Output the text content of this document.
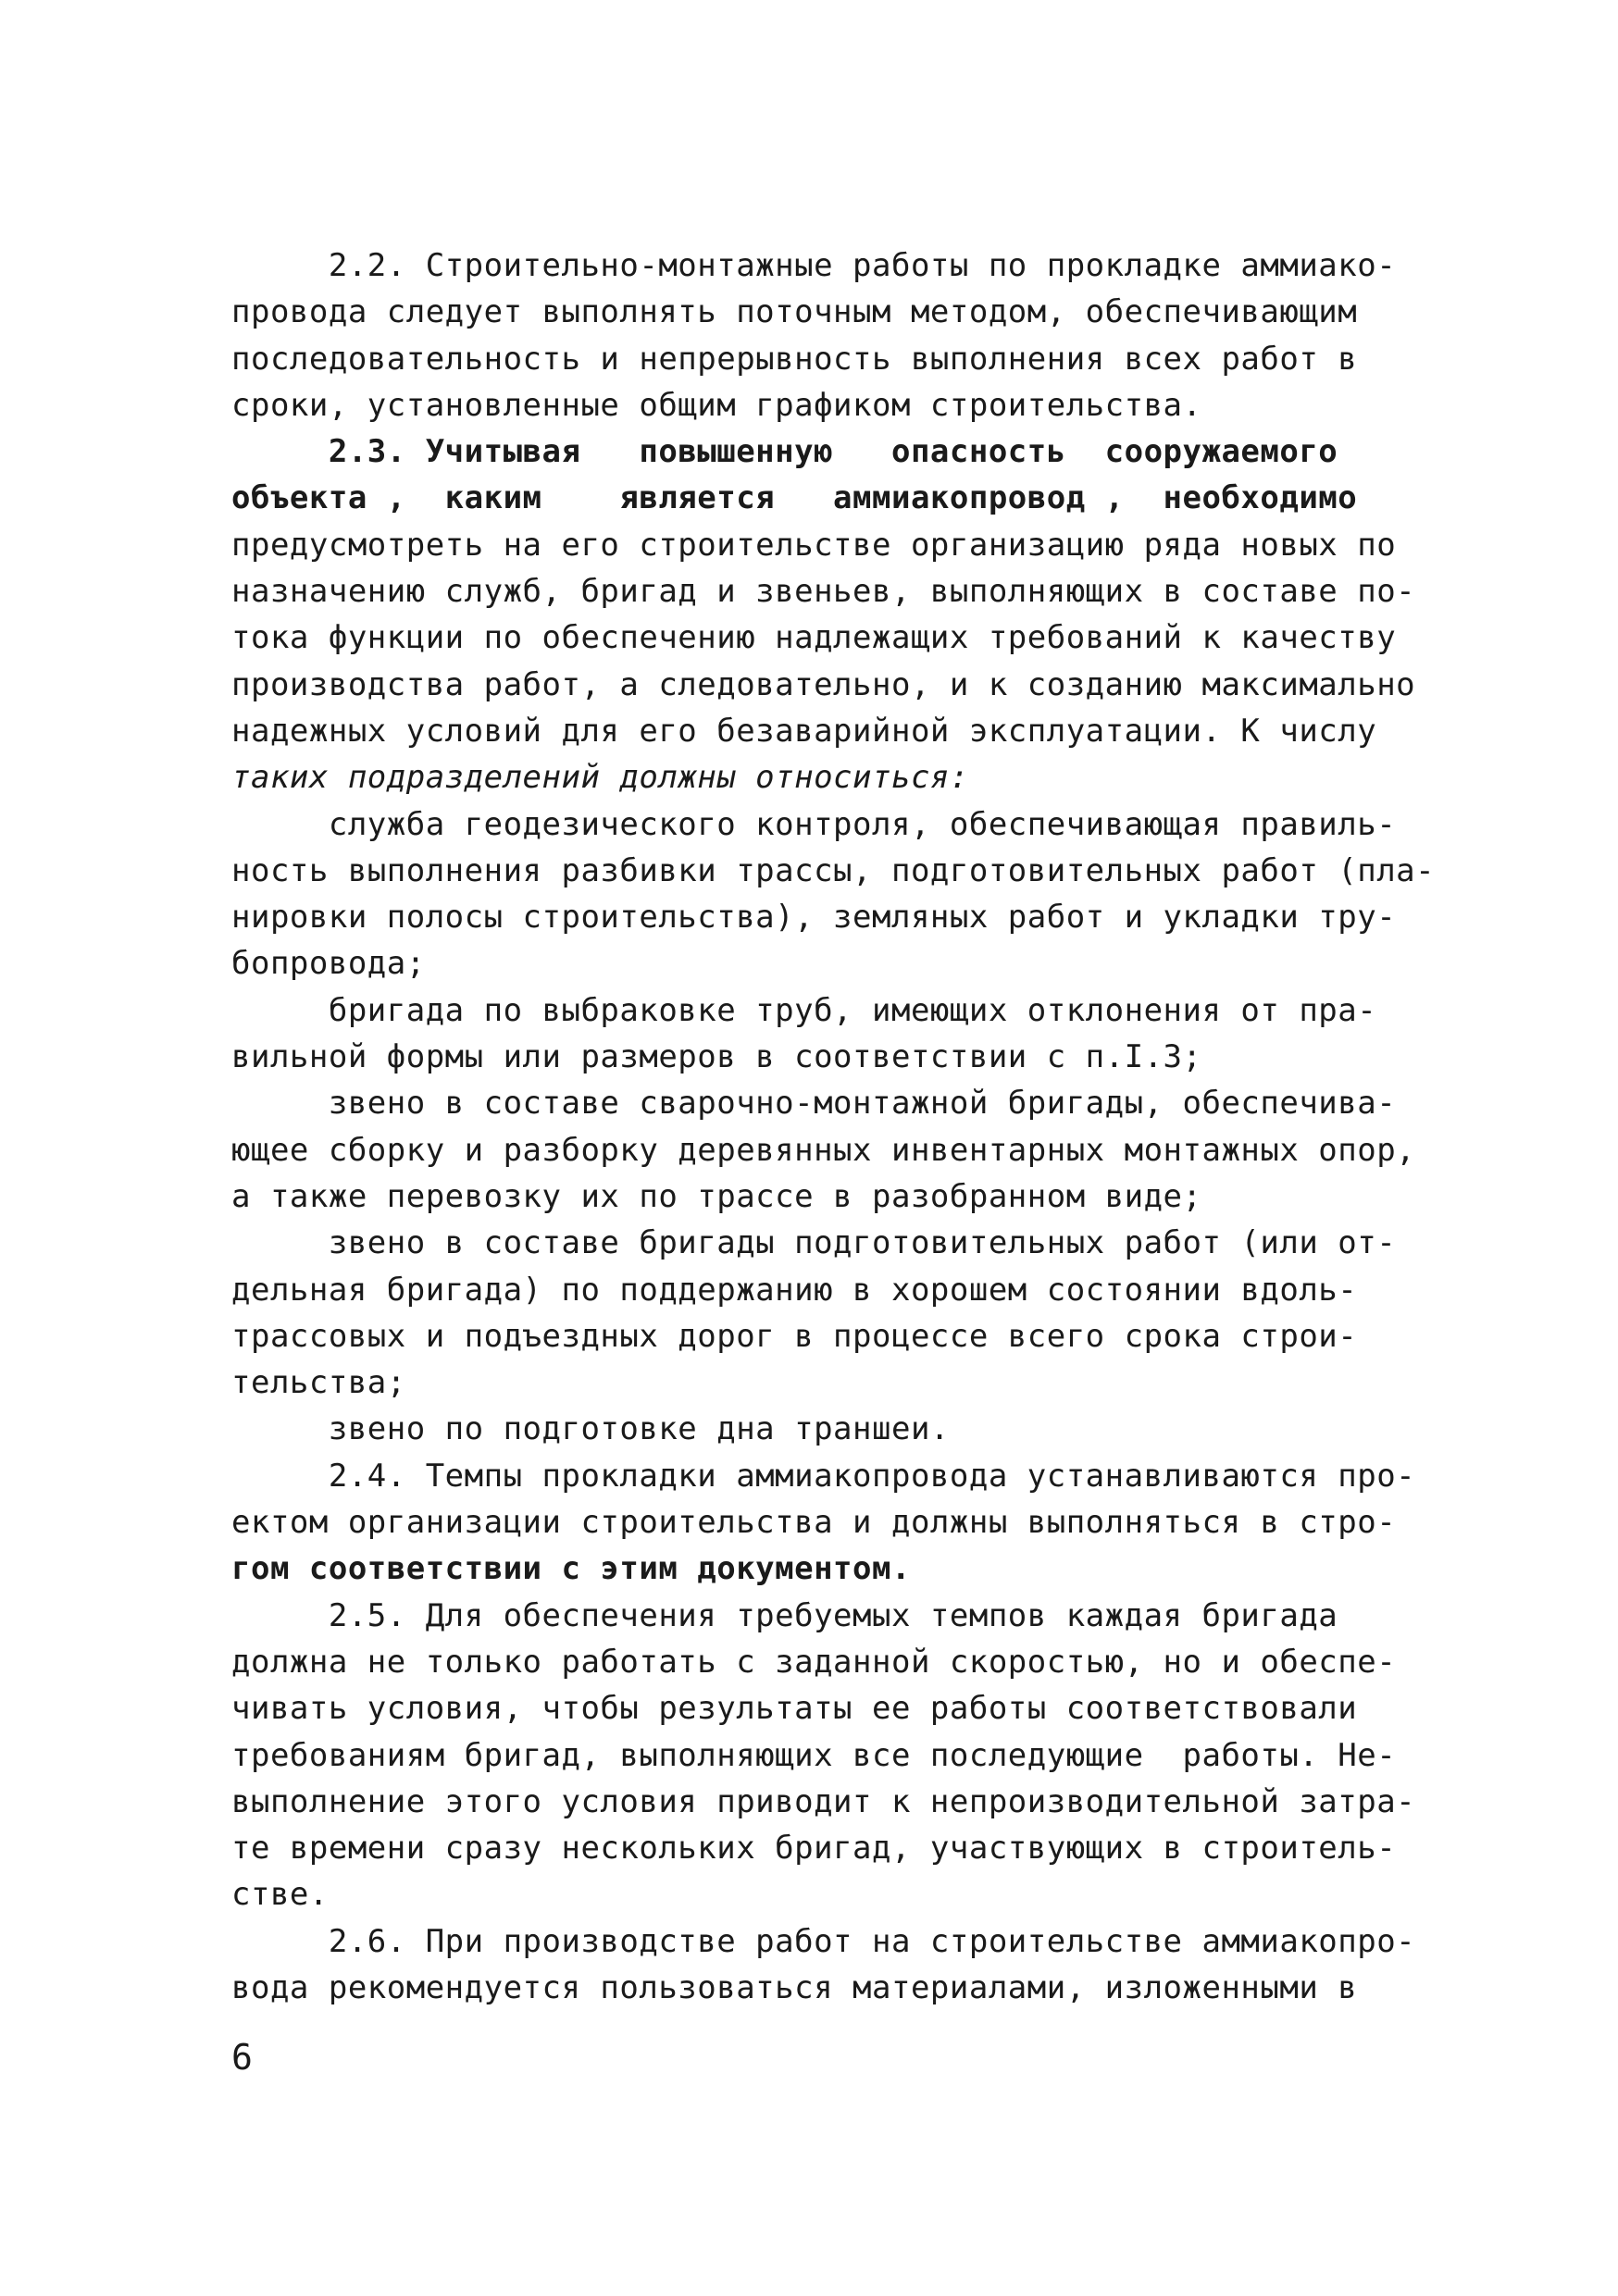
2.2. Строительно-монтажные работы по прокладке аммиако-
провода следует выполнять поточным методом, обеспечивающим
последовательность и непрерывность выполнения всех работ в
сроки, установленные общим графиком строительства.
2.3. Учитывая   повышенную   опасность  сооружаемого
объекта ,  каким    является   аммиакопровод ,  необходимо
предусмотреть на его строительстве организацию ряда новых по
назначению служб, бригад и звеньев, выполняющих в составе по-
тока функции по обеспечению надлежащих требований к качеству
производства работ, а следовательно, и к созданию максимально
надежных условий для его безаварийной эксплуатации. К числу
таких подразделений должны относиться:
служба геодезического контроля, обеспечивающая правиль-
ность выполнения разбивки трассы, подготовительных работ (пла-
нировки полосы строительства), земляных работ и укладки тру-
бопровода;
бригада по выбраковке труб, имеющих отклонения от пра-
вильной формы или размеров в соответствии с п.I.3;
звено в составе сварочно-монтажной бригады, обеспечива-
ющее сборку и разборку деревянных инвентарных монтажных опор,
а также перевозку их по трассе в разобранном виде;
звено в составе бригады подготовительных работ (или от-
дельная бригада) по поддержанию в хорошем состоянии вдоль-
трассовых и подъездных дорог в процессе всего срока строи-
тельства;
звено по подготовке дна траншеи.
2.4. Темпы прокладки аммиакопровода устанавливаются про-
ектом организации строительства и должны выполняться в стро-
гом соответствии с этим документом.
2.5. Для обеспечения требуемых темпов каждая бригада
должна не только работать с заданной скоростью, но и обеспе-
чивать условия, чтобы результаты ее работы соответствовали
требованиям бригад, выполняющих все последующие  работы. Не-
выполнение этого условия приводит к непроизводительной затра-
те времени сразу нескольких бригад, участвующих в строитель-
стве.
2.6. При производстве работ на строительстве аммиакопро-
вода рекомендуется пользоваться материалами, изложенными в
6
